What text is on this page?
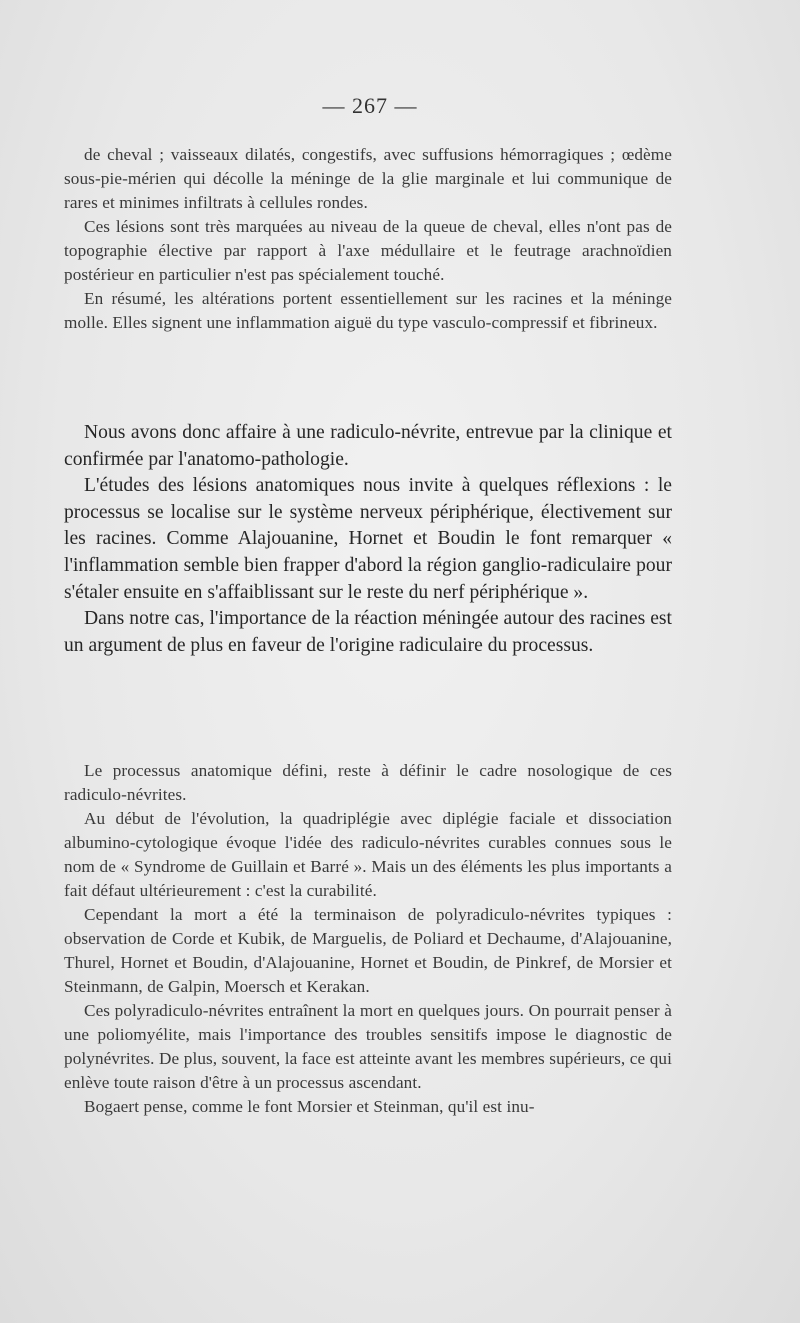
— 267 —

de cheval ; vaisseaux dilatés, congestifs, avec suffusions hémorragiques ; œdème sous-pie-mérien qui décolle la méninge de la glie marginale et lui communique de rares et minimes infiltrats à cellules rondes.

Ces lésions sont très marquées au niveau de la queue de cheval, elles n'ont pas de topographie élective par rapport à l'axe médullaire et le feutrage arachnoïdien postérieur en particulier n'est pas spécialement touché.

En résumé, les altérations portent essentiellement sur les racines et la méninge molle. Elles signent une inflammation aiguë du type vasculo-compressif et fibrineux.

Nous avons donc affaire à une radiculo-névrite, entrevue par la clinique et confirmée par l'anatomo-pathologie.

L'études des lésions anatomiques nous invite à quelques réflexions : le processus se localise sur le système nerveux périphérique, électivement sur les racines. Comme Alajouanine, Hornet et Boudin le font remarquer « l'inflammation semble bien frapper d'abord la région ganglio-radiculaire pour s'étaler ensuite en s'affaiblissant sur le reste du nerf périphérique ».

Dans notre cas, l'importance de la réaction méningée autour des racines est un argument de plus en faveur de l'origine radiculaire du processus.

Le processus anatomique défini, reste à définir le cadre nosologique de ces radiculo-névrites.

Au début de l'évolution, la quadriplégie avec diplégie faciale et dissociation albumino-cytologique évoque l'idée des radiculo-névrites curables connues sous le nom de « Syndrome de Guillain et Barré ». Mais un des éléments les plus importants a fait défaut ultérieurement : c'est la curabilité.

Cependant la mort a été la terminaison de polyradiculo-névrites typiques : observation de Corde et Kubik, de Marguelis, de Poliard et Dechaume, d'Alajouanine, Thurel, Hornet et Boudin, d'Alajouanine, Hornet et Boudin, de Pinkref, de Morsier et Steinmann, de Galpin, Moersch et Kerakan.

Ces polyradiculo-névrites entraînent la mort en quelques jours. On pourrait penser à une poliomyélite, mais l'importance des troubles sensitifs impose le diagnostic de polynévrites. De plus, souvent, la face est atteinte avant les membres supérieurs, ce qui enlève toute raison d'être à un processus ascendant.

Bogaert pense, comme le font Morsier et Steinman, qu'il est inu-
